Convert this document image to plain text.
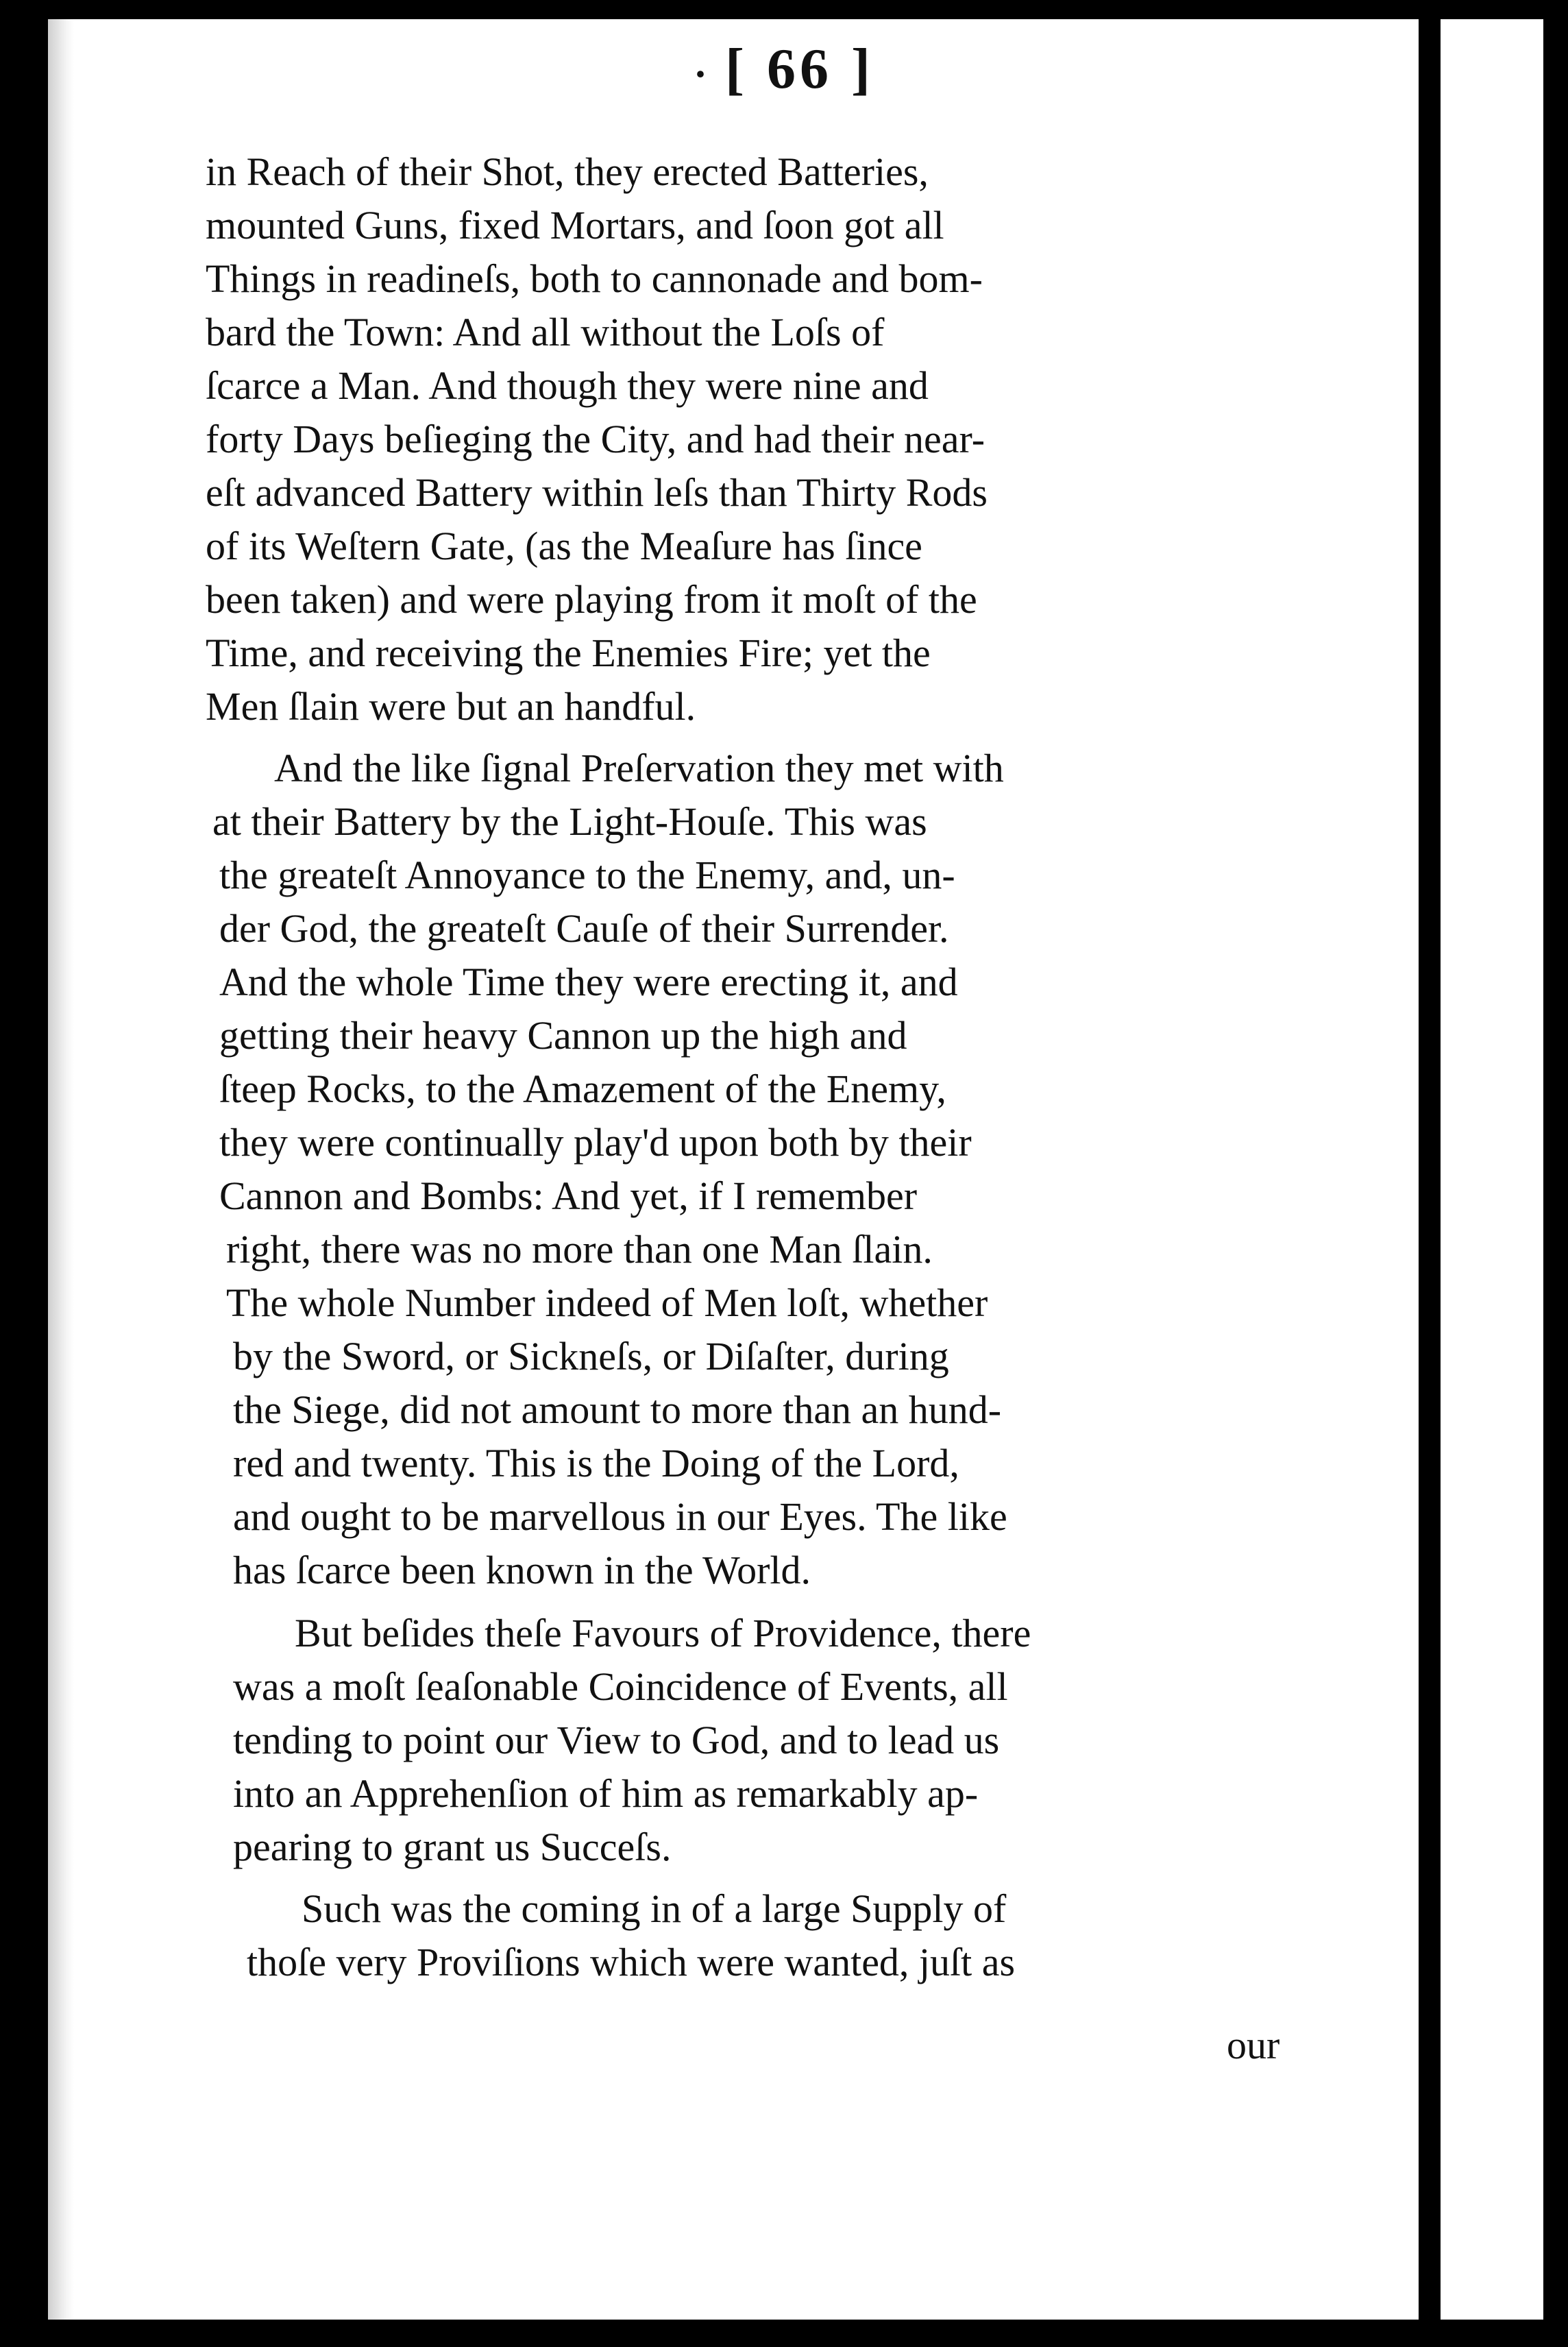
· [ 66 ]
in Reach of their Shot, they erected Batteries,
mounted Guns, fixed Mortars, and ſoon got all
Things in readineſs, both to cannonade and bom-
bard the Town: And all without the Loſs of
ſcarce a Man. And though they were nine and
forty Days beſieging the City, and had their near-
eſt advanced Battery within leſs than Thirty Rods
of its Weſtern Gate, (as the Meaſure has ſince
been taken) and were playing from it moſt of the
Time, and receiving the Enemies Fire; yet the
Men ſlain were but an handful.
And the like ſignal Preſervation they met with
at their Battery by the Light-Houſe. This was
the greateſt Annoyance to the Enemy, and, un-
der God, the greateſt Cauſe of their Surrender.
And the whole Time they were erecting it, and
getting their heavy Cannon up the high and
ſteep Rocks, to the Amazement of the Enemy,
they were continually play'd upon both by their
Cannon and Bombs: And yet, if I remember
right, there was no more than one Man ſlain.
The whole Number indeed of Men loſt, whether
by the Sword, or Sickneſs, or Diſaſter, during
the Siege, did not amount to more than an hund-
red and twenty. This is the Doing of the Lord,
and ought to be marvellous in our Eyes. The like
has ſcarce been known in the World.
But beſides theſe Favours of Providence, there
was a moſt ſeaſonable Coincidence of Events, all
tending to point our View to God, and to lead us
into an Apprehenſion of him as remarkably ap-
pearing to grant us Succeſs.
Such was the coming in of a large Supply of
thoſe very Proviſions which were wanted, juſt as
our
